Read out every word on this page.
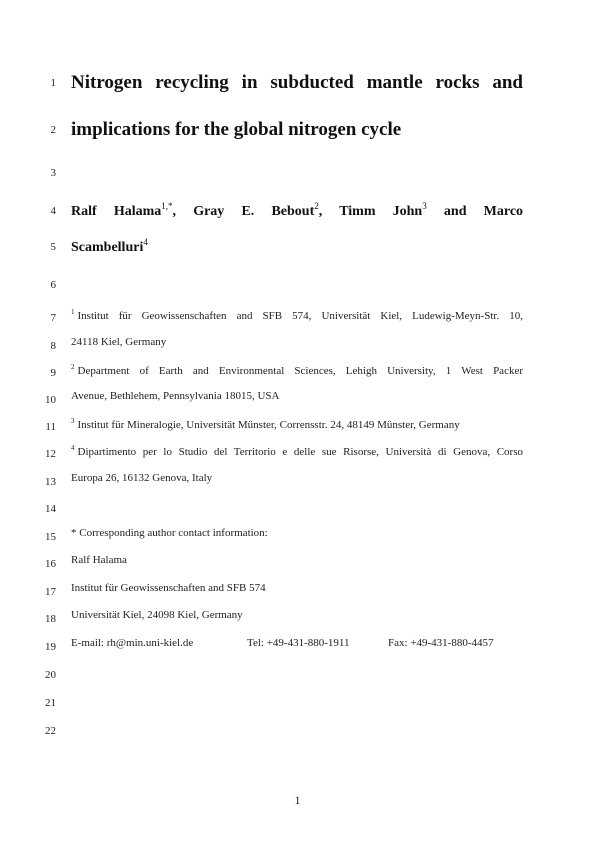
1
2
3
4
5
6
7
8
9
10
11
12
13
14
15
16
17
18
19
20
21
22
Nitrogen recycling in subducted mantle rocks and
implications for the global nitrogen cycle
Ralf Halama$^{1,*}$, Gray E. Bebout$^2$, Timm John$^3$ and Marco
Scambelluri$^4$
$^1$ Institut für Geowissenschaften and SFB 574, Universität Kiel, Ludewig-Meyn-Str. 10,
24118 Kiel, Germany
$^2$ Department of Earth and Environmental Sciences, Lehigh University, 1 West Packer
Avenue, Bethlehem, Pennsylvania 18015, USA
$^3$ Institut für Mineralogie, Universität Münster, Corrensstr. 24, 48149 Münster, Germany
$^4$ Dipartimento per lo Studio del Territorio e delle sue Risorse, Università di Genova, Corso
Europa 26, 16132 Genova, Italy
* Corresponding author contact information:
Ralf Halama
Institut für Geowissenschaften and SFB 574
Universität Kiel, 24098 Kiel, Germany
E-mail: rh@min.uni-kiel.de	Tel: +49-431-880-1911	Fax: +49-431-880-4457
1
